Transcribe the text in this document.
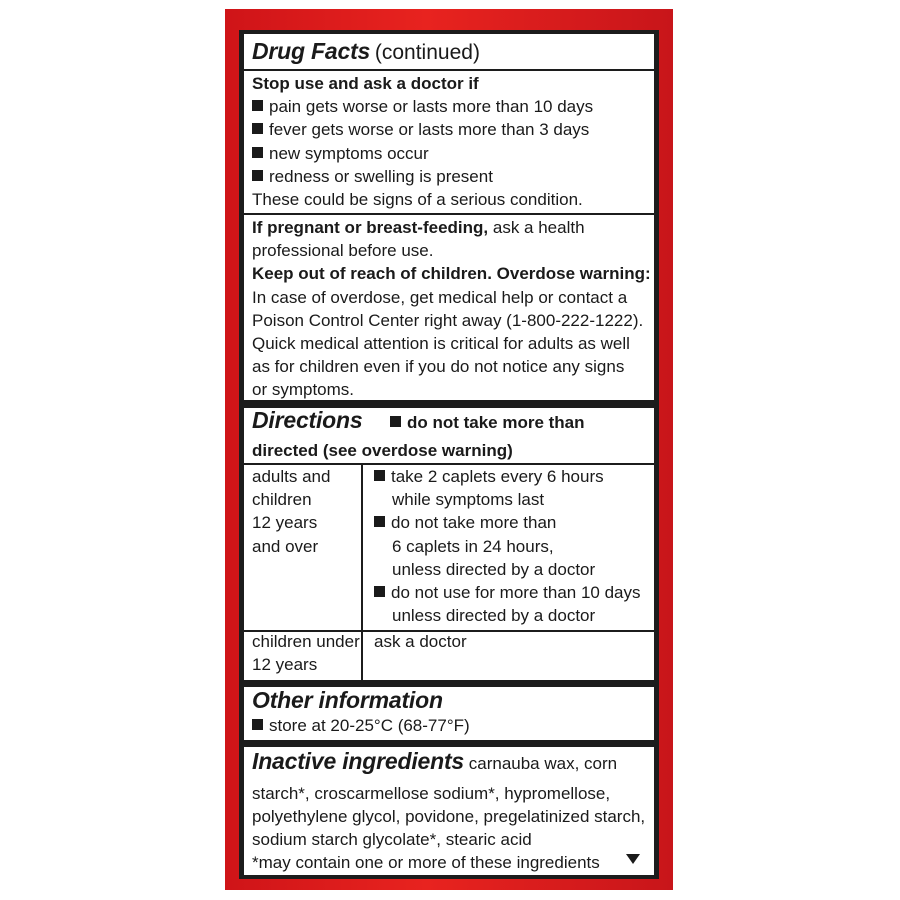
Drug Facts (continued)
Stop use and ask a doctor if
pain gets worse or lasts more than 10 days
fever gets worse or lasts more than 3 days
new symptoms occur
redness or swelling is present
These could be signs of a serious condition.
If pregnant or breast-feeding, ask a health
professional before use.
Keep out of reach of children. Overdose warning:
In case of overdose, get medical help or contact a
Poison Control Center right away (1-800-222-1222).
Quick medical attention is critical for adults as well
as for children even if you do not notice any signs
or symptoms.
Directions	do not take more than
directed (see overdose warning)
adults and
children
12 years
and over
take 2 caplets every 6 hours
while symptoms last
do not take more than
6 caplets in 24 hours,
unless directed by a doctor
do not use for more than 10 days
unless directed by a doctor
children under
12 years
ask a doctor
Other information
store at 20-25°C (68-77°F)
Inactive ingredients carnauba wax, corn
starch*, croscarmellose sodium*, hypromellose,
polyethylene glycol, povidone, pregelatinized starch,
sodium starch glycolate*, stearic acid
*may contain one or more of these ingredients
